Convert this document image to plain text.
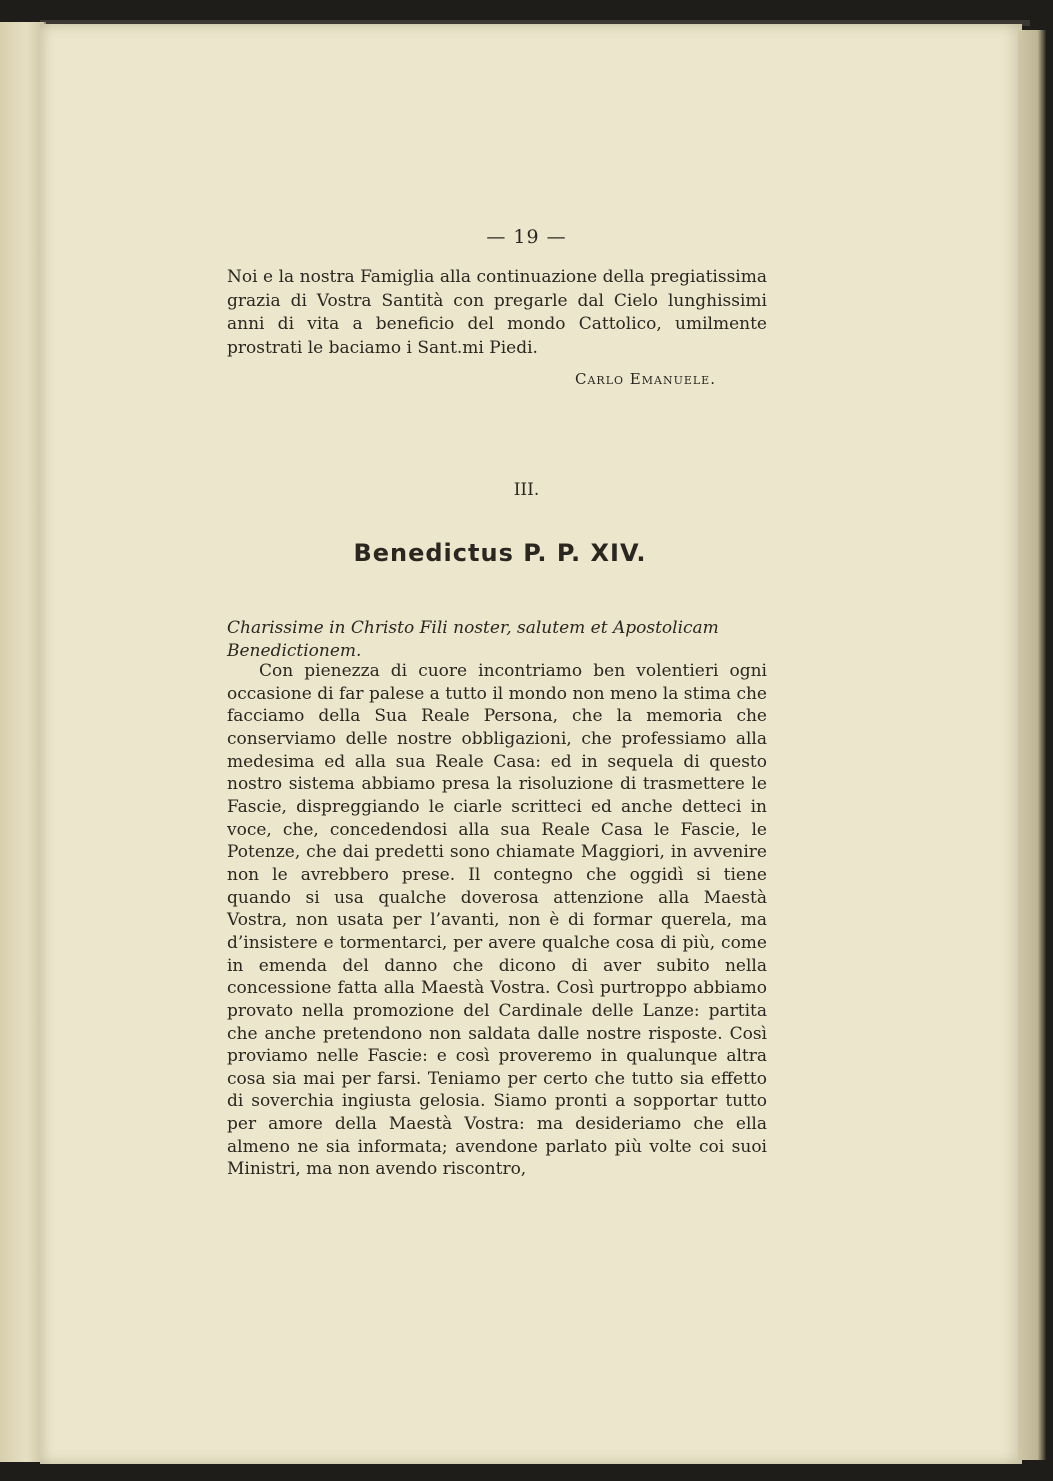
— 19 —

Noi e la nostra Famiglia alla continuazione della pregiatissima grazia di Vostra Santità con pregarle dal Cielo lunghissimi anni di vita a beneficio del mondo Cattolico, umilmente prostrati le baciamo i Sant.mi Piedi.

Carlo Emanuele.
III.
Benedictus P. P. XIV.

Charissime in Christo Fili noster, salutem et Apostolicam Benedictionem.

Con pienezza di cuore incontriamo ben volentieri ogni occasione di far palese a tutto il mondo non meno la stima che facciamo della Sua Reale Persona, che la memoria che conserviamo delle nostre obbligazioni, che professiamo alla medesima ed alla sua Reale Casa: ed in sequela di questo nostro sistema abbiamo presa la risoluzione di trasmettere le Fascie, dispreggiando le ciarle scritteci ed anche detteci in voce, che, concedendosi alla sua Reale Casa le Fascie, le Potenze, che dai predetti sono chiamate Maggiori, in avvenire non le avrebbero prese. Il contegno che oggidì si tiene quando si usa qualche doverosa attenzione alla Maestà Vostra, non usata per l’avanti, non è di formar querela, ma d’insistere e tormentarci, per avere qualche cosa di più, come in emenda del danno che dicono di aver subito nella concessione fatta alla Maestà Vostra. Così purtroppo abbiamo provato nella promozione del Cardinale delle Lanze: partita che anche pretendono non saldata dalle nostre risposte. Così proviamo nelle Fascie: e così proveremo in qualunque altra cosa sia mai per farsi. Teniamo per certo che tutto sia effetto di soverchia ingiusta gelosia. Siamo pronti a sopportar tutto per amore della Maestà Vostra: ma desideriamo che ella almeno ne sia informata; avendone parlato più volte coi suoi Ministri, ma non avendo riscontro,
